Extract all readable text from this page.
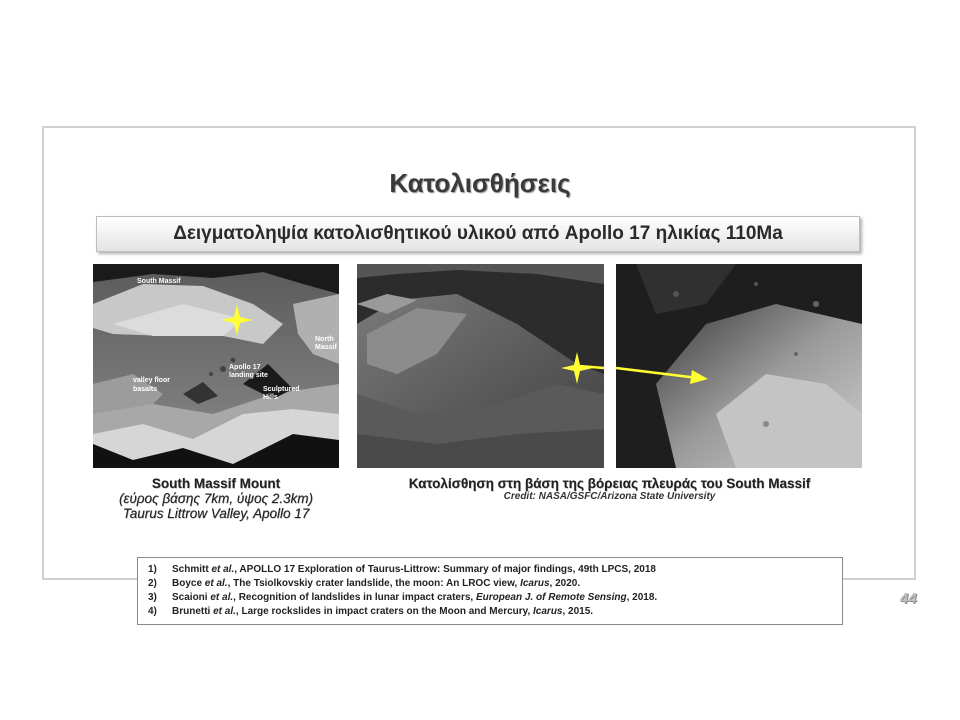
Κατολισθήσεις
Δειγματοληψία κατολισθητικού υλικού από Apollo 17 ηλικίας 110Ma
South Massif
North Massif
Apollo 17
landing site
valley floor
basalts	Sculptured
Hills
South Massif Mount
(εύρος βάσης 7km, ύψος 2.3km)
Taurus Littrow Valley, Apollo 17
Κατολίσθηση στη βάση της βόρειας πλευράς του South Massif
Credit: NASA/GSFC/Arizona State University
1) Schmitt et al., APOLLO 17 Exploration of Taurus-Littrow: Summary of major findings, 49th LPCS, 2018
2) Boyce et al., The Tsiolkovskiy crater landslide, the moon: An LROC view, Icarus, 2020.
3) Scaioni et al., Recognition of landslides in lunar impact craters, European J. of Remote Sensing, 2018.
4) Brunetti et al., Large rockslides in impact craters on the Moon and Mercury, Icarus, 2015.
44
